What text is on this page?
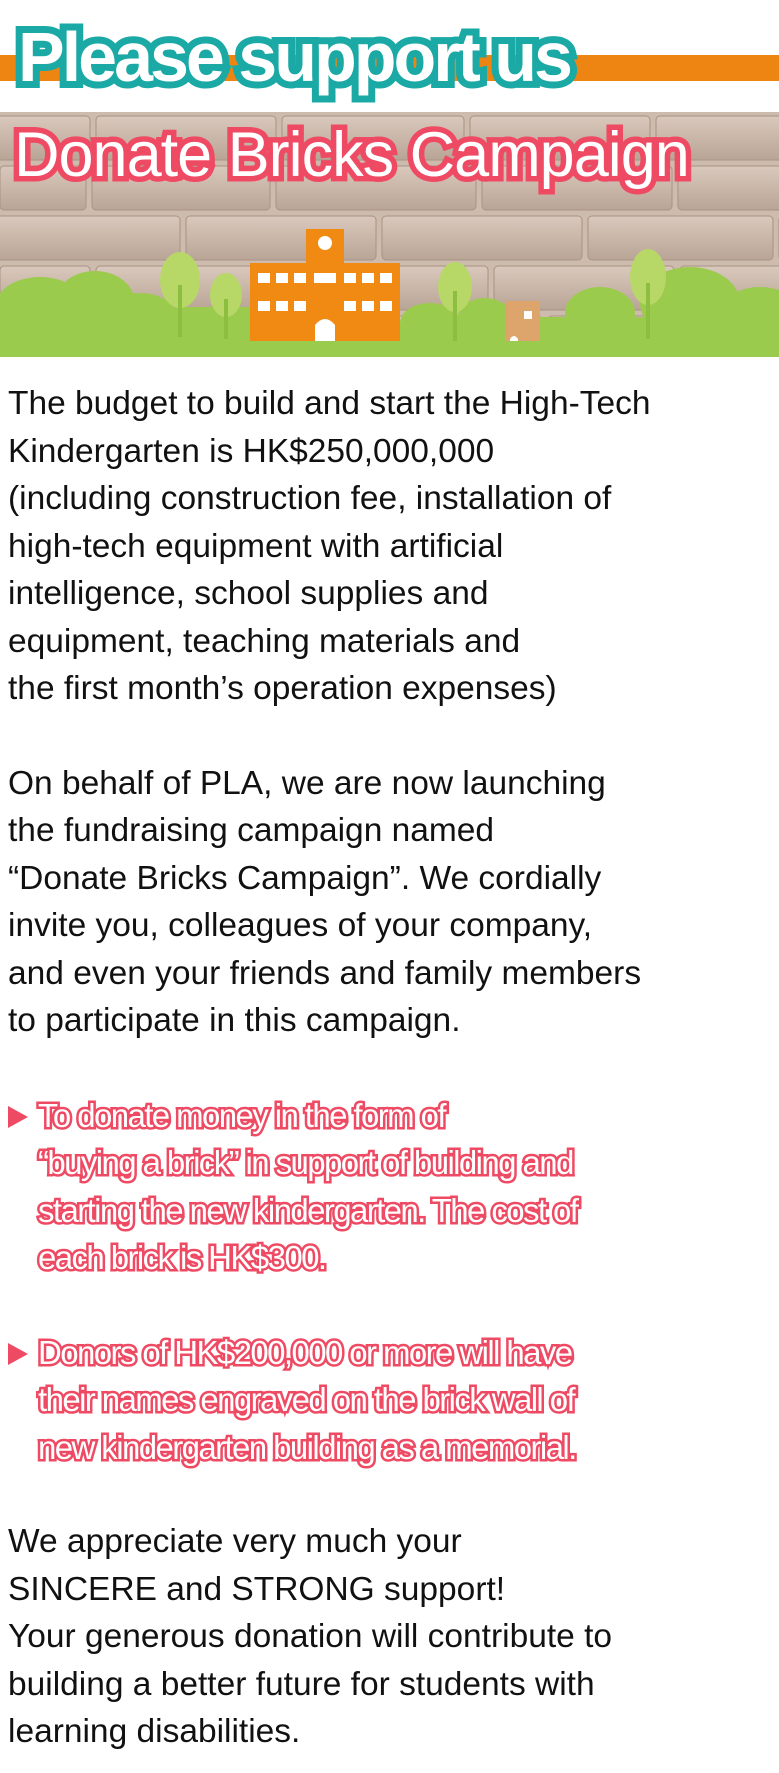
Please support us
Donate Bricks Campaign

The budget to build and start the High-Tech
Kindergarten is HK$250,000,000
(including construction fee, installation of
high-tech equipment with artificial
intelligence, school supplies and
equipment, teaching materials and
the first month’s operation expenses)

On behalf of PLA, we are now launching
the fundraising campaign named
“Donate Bricks Campaign”. We cordially
invite you, colleagues of your company,
and even your friends and family members
to participate in this campaign.

To donate money in the form of
“buying a brick” in support of building and
starting the new kindergarten. The cost of
each brick is HK$300.
Donors of HK$200,000 or more will have
their names engraved on the brick wall of
new kindergarten building as a memorial.

We appreciate very much your
SINCERE and STRONG support!
Your generous donation will contribute to
building a better future for students with
learning disabilities.
